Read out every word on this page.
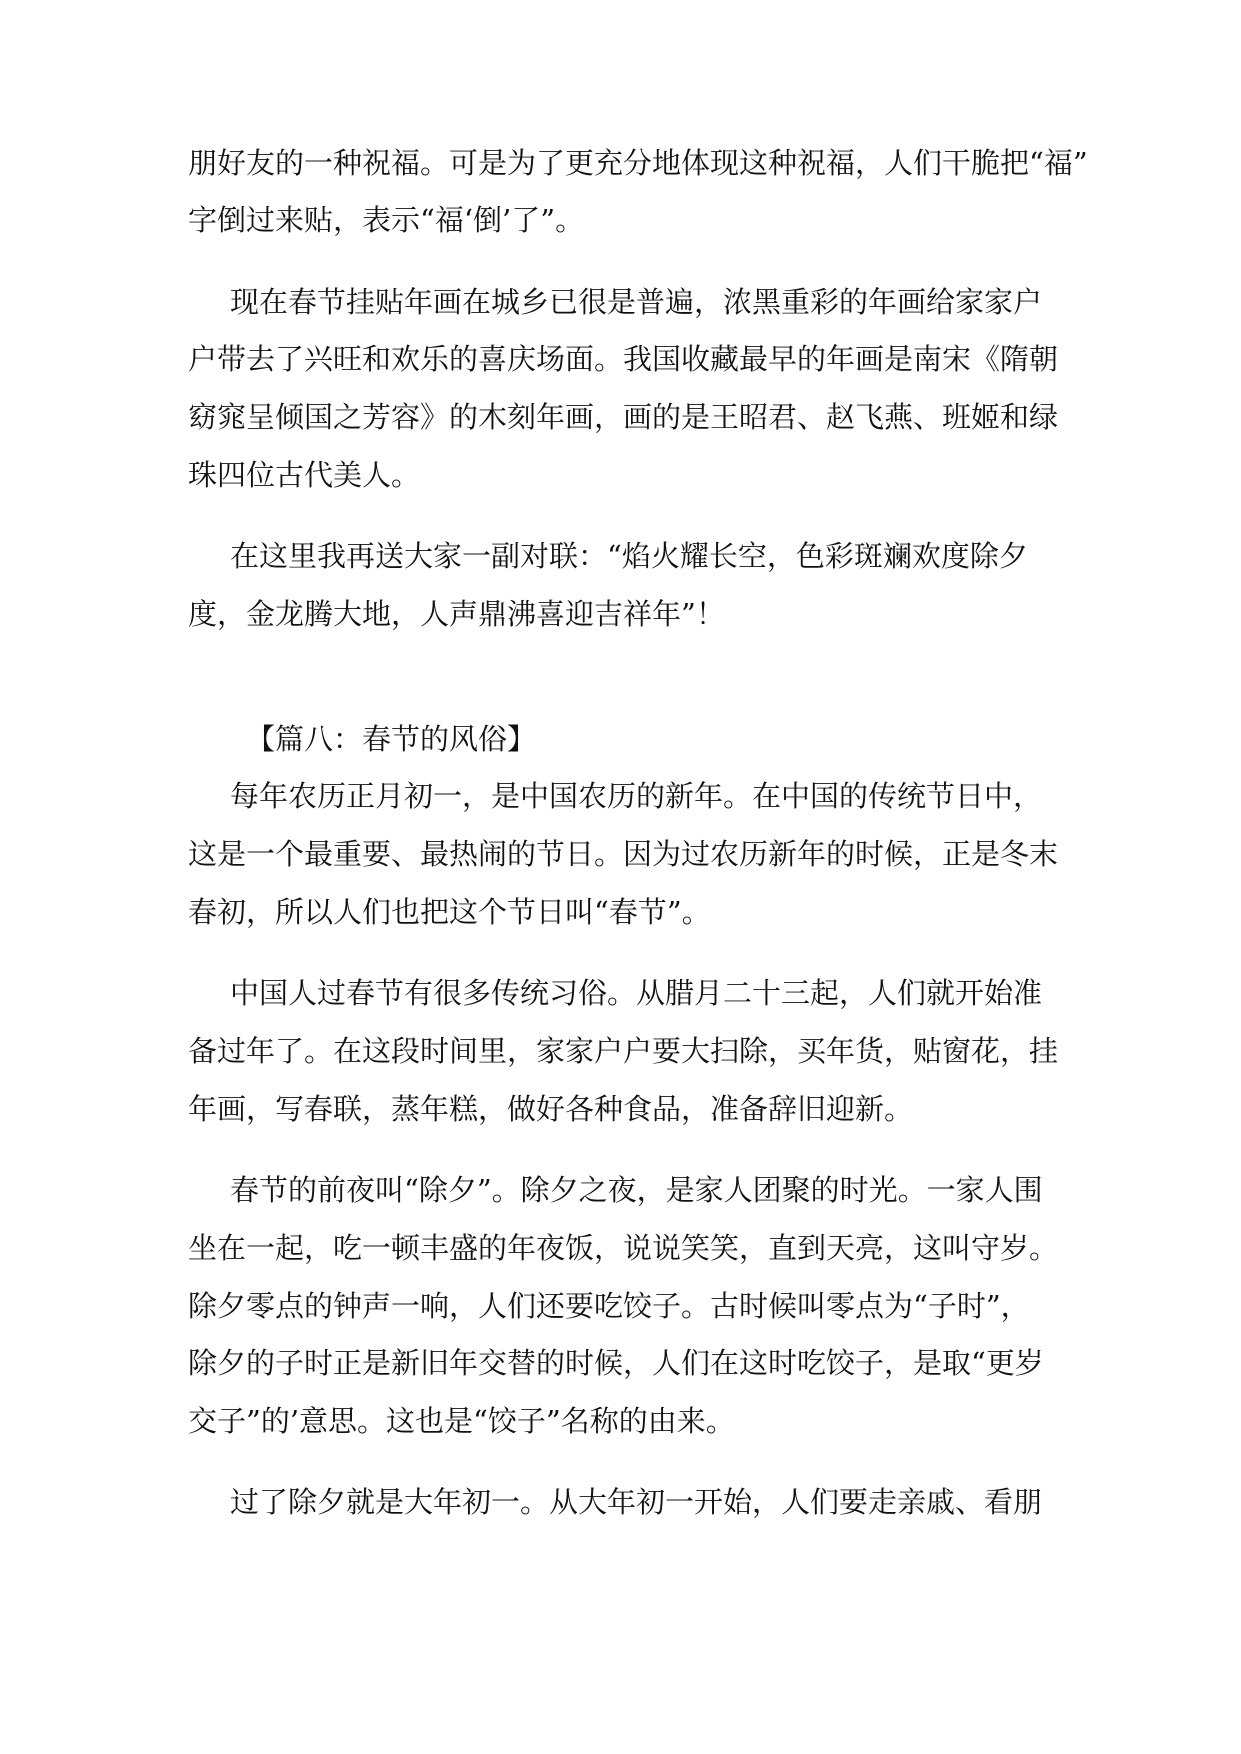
朋好友的一种祝福。可是为了更充分地体现这种祝福，人们干脆把“福”
字倒过来贴，表示“福‘倒’了”。
现在春节挂贴年画在城乡已很是普遍，浓黑重彩的年画给家家户
户带去了兴旺和欢乐的喜庆场面。我国收藏最早的年画是南宋《隋朝
窈窕呈倾国之芳容》的木刻年画，画的是王昭君、赵飞燕、班姬和绿
珠四位古代美人。
在这里我再送大家一副对联：“焰火耀长空，色彩斑斓欢度除夕
度，金龙腾大地，人声鼎沸喜迎吉祥年”！
【篇八：春节的风俗】
每年农历正月初一，是中国农历的新年。在中国的传统节日中，
这是一个最重要、最热闹的节日。因为过农历新年的时候，正是冬末
春初，所以人们也把这个节日叫“春节”。
中国人过春节有很多传统习俗。从腊月二十三起，人们就开始准
备过年了。在这段时间里，家家户户要大扫除，买年货，贴窗花，挂
年画，写春联，蒸年糕，做好各种食品，准备辞旧迎新。
春节的前夜叫“除夕”。除夕之夜，是家人团聚的时光。一家人围
坐在一起，吃一顿丰盛的年夜饭，说说笑笑，直到天亮，这叫守岁。
除夕零点的钟声一响，人们还要吃饺子。古时候叫零点为“子时”，
除夕的子时正是新旧年交替的时候，人们在这时吃饺子，是取“更岁
交子”的’意思。这也是“饺子”名称的由来。
过了除夕就是大年初一。从大年初一开始，人们要走亲戚、看朋
